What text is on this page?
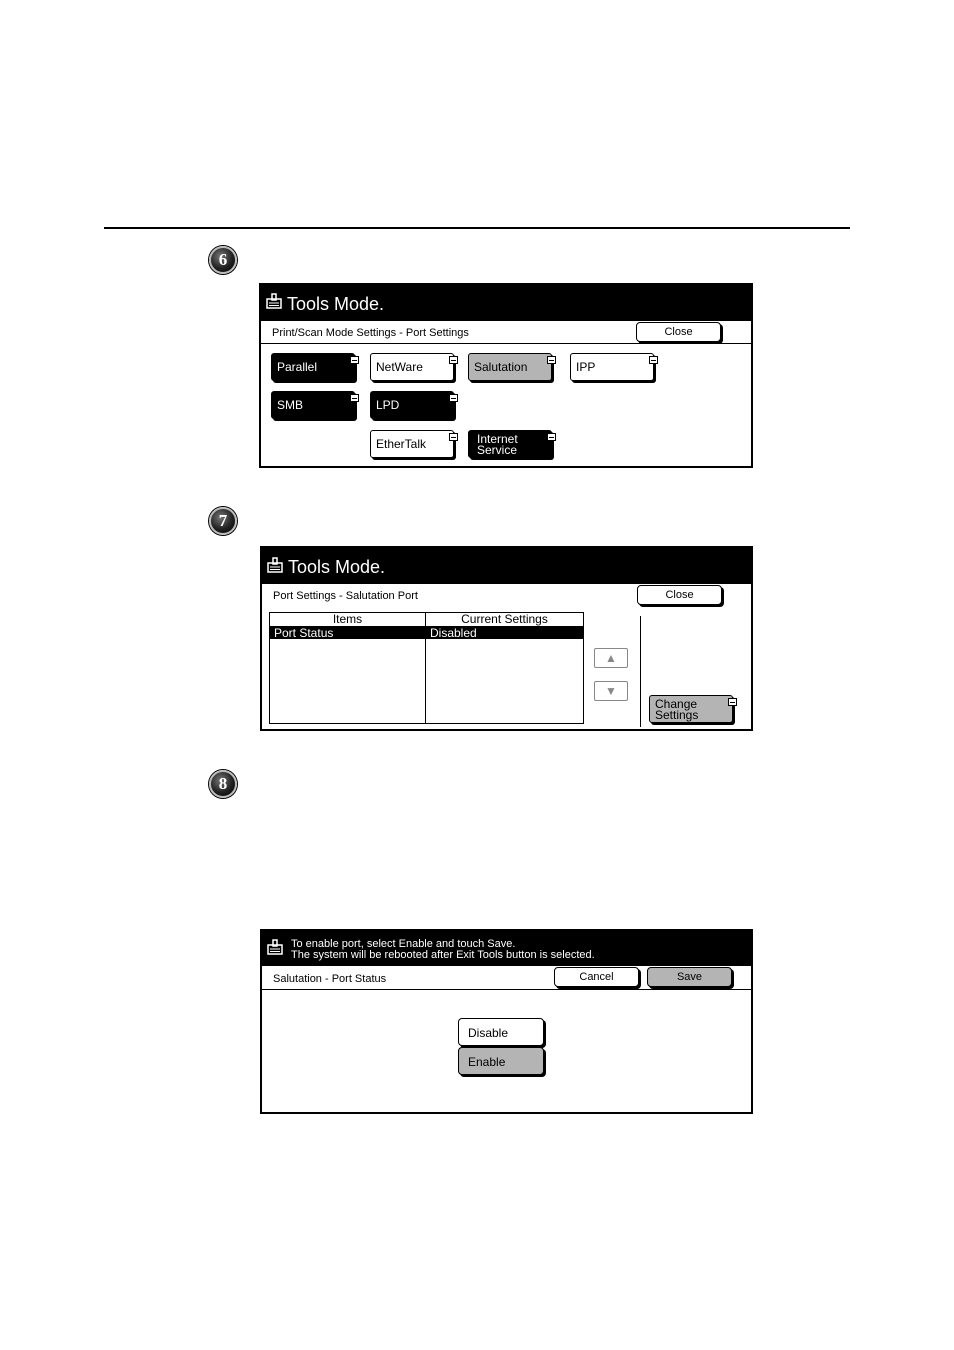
6
Tools Mode.
Print/Scan Mode Settings - Port Settings	Close
Parallel	NetWare	Salutation	IPP
SMB	LPD
EtherTalk	Internet
Service
7
Tools Mode.
Port Settings - Salutation Port	Close
Items	Current Settings
Port Status	Disabled

▲
▼
Change
Settings
8
To enable port, select Enable and touch Save.
The system will be rebooted after Exit Tools button is selected.
Salutation - Port Status	Cancel	Save
Disable
Enable
